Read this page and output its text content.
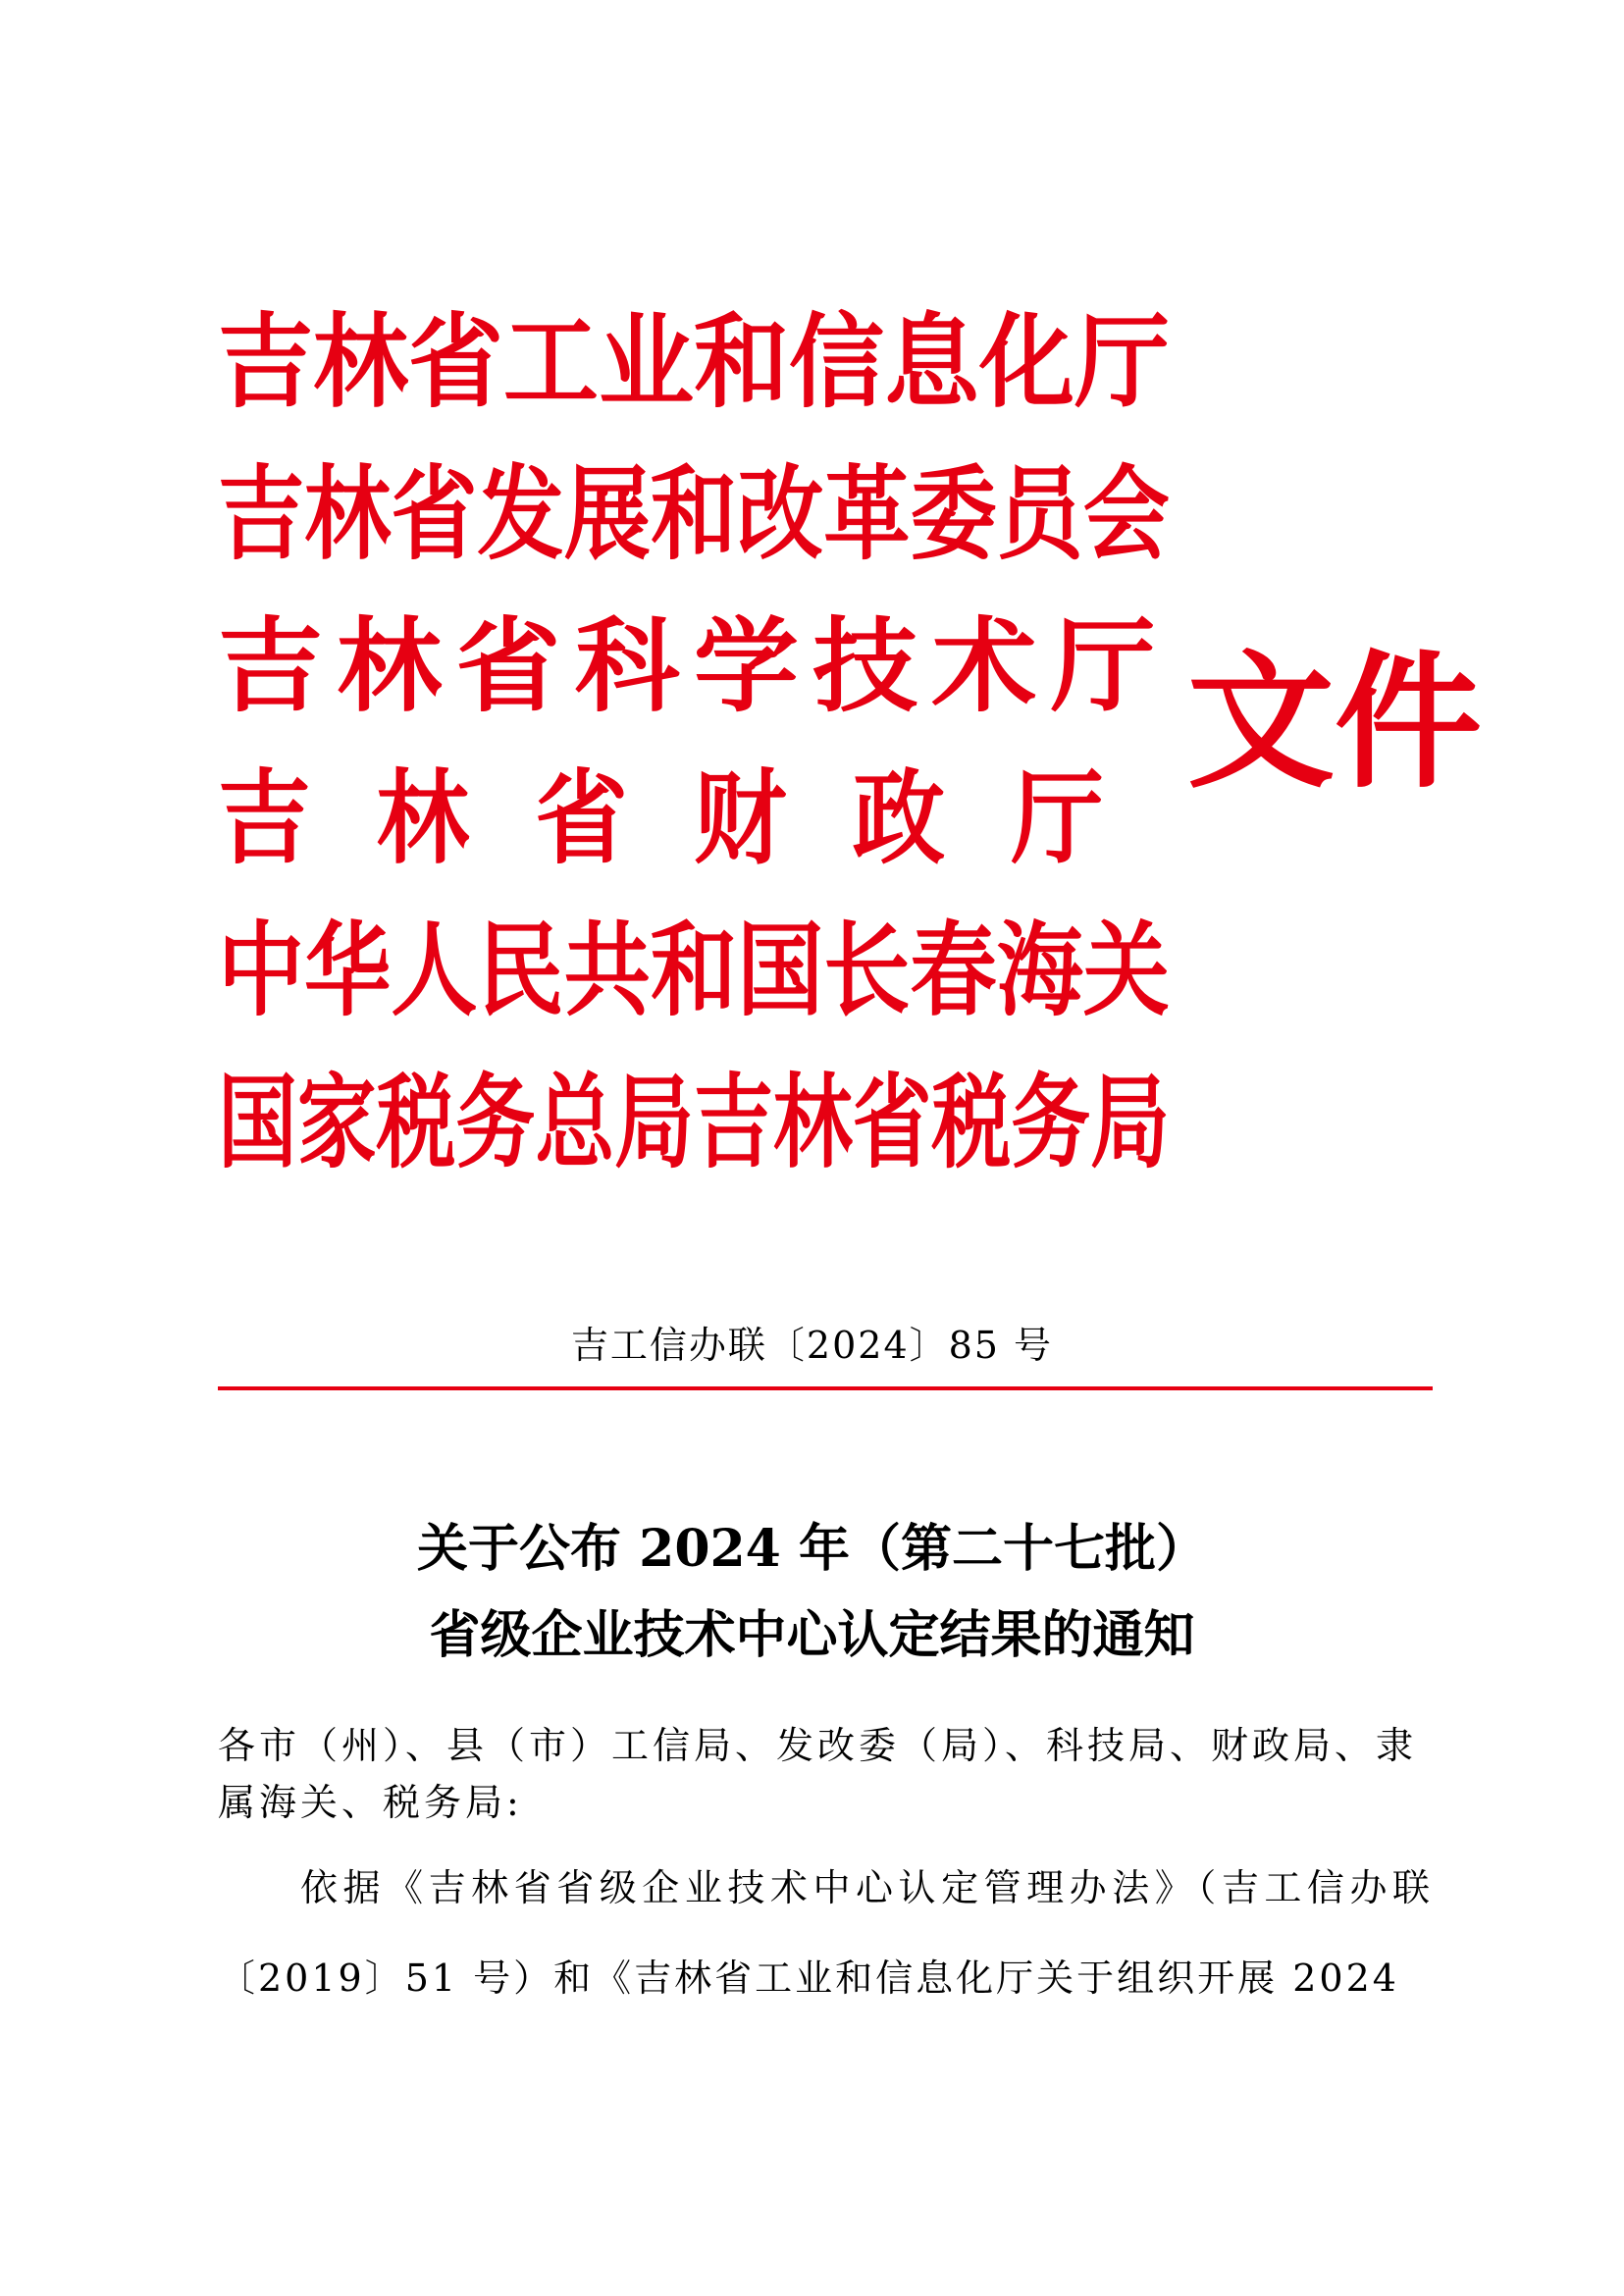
吉林省工业和信息化厅
吉林省发展和改革委员会
吉林省科学技术厅
吉林省财政厅
中华人民共和国长春海关
国家税务总局吉林省税务局
文件
吉工信办联〔2024〕85 号
关于公布 2024 年（第二十七批）
省级企业技术中心认定结果的通知
各市（州）、县（市）工信局、发改委（局）、科技局、财政局、隶属海关、税务局:
依据《吉林省省级企业技术中心认定管理办法》（吉工信办联〔2019〕51 号）和《吉林省工业和信息化厅关于组织开展 2024
